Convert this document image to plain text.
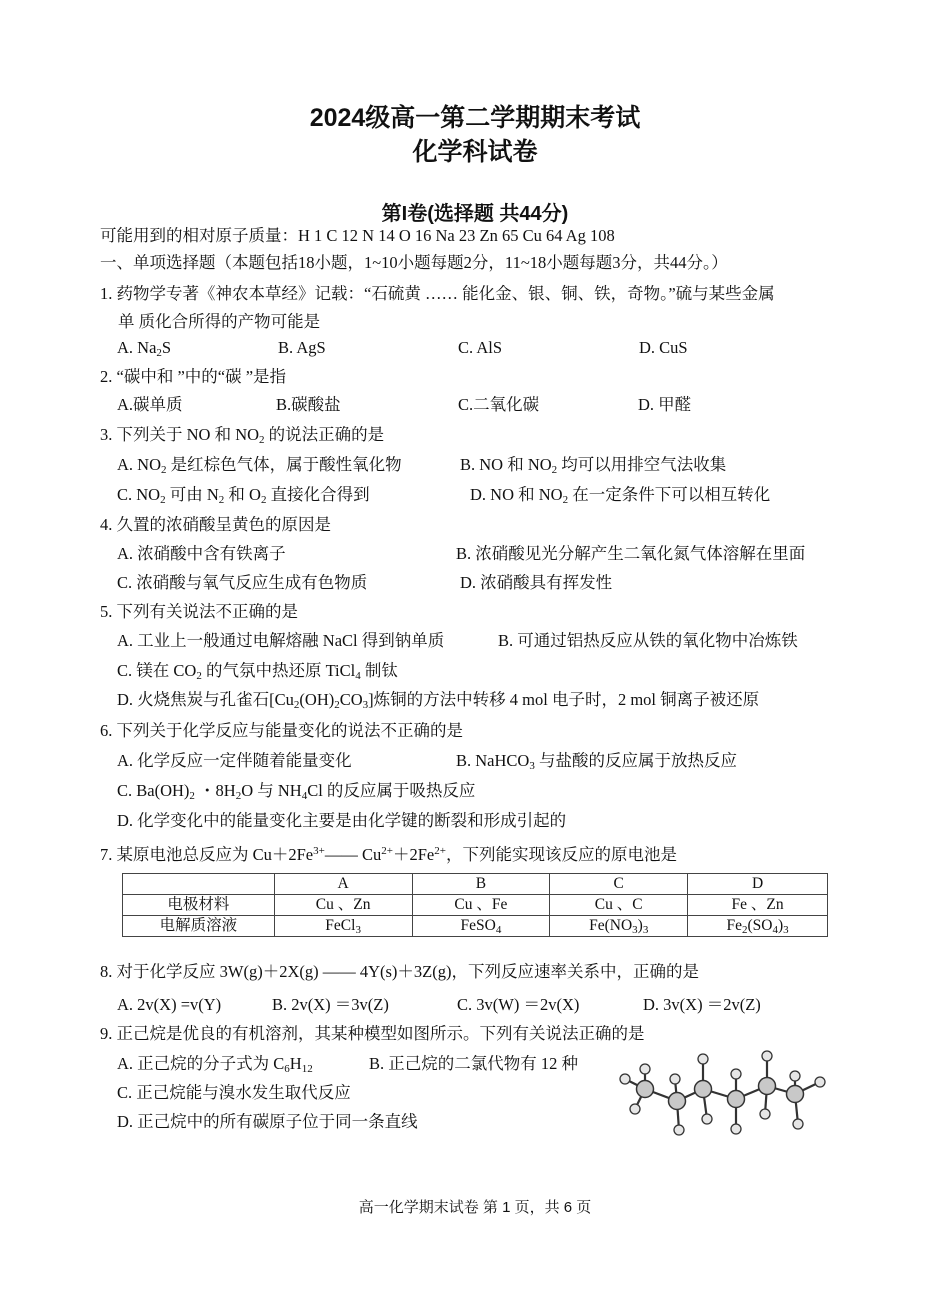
2024级高一第二学期期末考试
化学科试卷
第I卷(选择题 共44分)
可能用到的相对原子质量：H 1 C 12 N 14 O 16 Na 23 Zn 65 Cu 64 Ag 108
一、单项选择题（本题包括18小题，1~10小题每题2分，11~18小题每题3分，共44分。）
1. 药物学专著《神农本草经》记载：“石硫黄 …… 能化金、银、铜、铁，奇物。”硫与某些金属
单 质化合所得的产物可能是
A. $Na_2S$	B. AgS	C. AlS	D. CuS
2. “碳中和 ”中的“碳 ”是指
A.碳单质	B.碳酸盐	C.二氧化碳	D. 甲醛
3. 下列关于 NO 和 $NO_2$ 的说法正确的是
A. $NO_2$ 是红棕色气体，属于酸性氧化物	B. NO 和 $NO_2$ 均可以用排空气法收集
C. $NO_2$ 可由 $N_2$ 和 $O_2$ 直接化合得到	D. NO 和 $NO_2$ 在一定条件下可以相互转化
4. 久置的浓硝酸呈黄色的原因是
A. 浓硝酸中含有铁离子	B. 浓硝酸见光分解产生二氧化氮气体溶解在里面
C. 浓硝酸与氧气反应生成有色物质	D. 浓硝酸具有挥发性
5. 下列有关说法不正确的是
A. 工业上一般通过电解熔融 NaCl 得到钠单质	B. 可通过铝热反应从铁的氧化物中冶炼铁
C. 镁在 $CO_2$ 的气氛中热还原 TiCl$_4$ 制钛
D. 火烧焦炭与孔雀石$[Cu_2(OH)_2CO_3]$炼铜的方法中转移 4 mol 电子时，2 mol 铜离子被还原
6. 下列关于化学反应与能量变化的说法不正确的是
A. 化学反应一定伴随着能量变化	B. NaHCO$_3$ 与盐酸的反应属于放热反应
C. $Ba(OH)_2$ ・$8H_2O$ 与 $NH_4Cl$ 的反应属于吸热反应
D. 化学变化中的能量变化主要是由化学键的断裂和形成引起的
7. 某原电池总反应为 $Cu+2Fe^{3+}——$ $Cu^{2+}+2Fe^{2+}$，下列能实现该反应的原电池是
	A	B	C	D
电极材料	Cu 、Zn	Cu 、Fe	Cu 、C	Fe 、Zn
电解质溶液	FeCl$_3$	FeSO$_4$	$Fe(NO_3)_3$	$Fe_2(SO_4)_3$
8. 对于化学反应 3W(g)＋2X(g) —— 4Y(s)＋3Z(g)，下列反应速率关系中，正确的是
A. 2v(X) =v(Y)	B. 2v(X) ＝3v(Z)	C. 3v(W) ＝2v(X)	D. 3v(X) ＝2v(Z)
9. 正己烷是优良的有机溶剂，其某种模型如图所示。下列有关说法正确的是
A. 正己烷的分子式为 $C_6H_{12}$	B. 正己烷的二氯代物有 12 种
C. 正己烷能与溴水发生取代反应
D. 正己烷中的所有碳原子位于同一条直线
高一化学期末试卷 第 1 页，共 6 页
